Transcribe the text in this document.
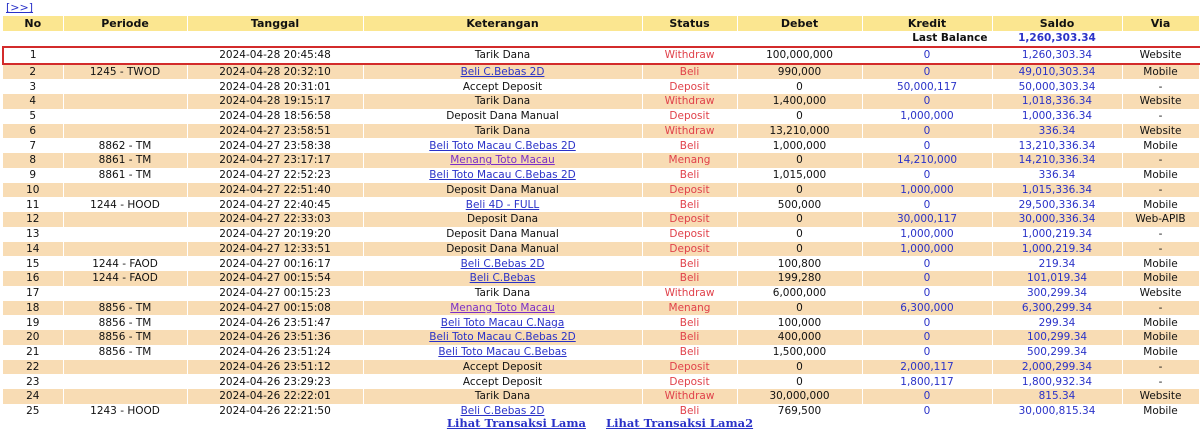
[>>]
No	Periode	Tanggal	Keterangan	Status	Debet	Kredit	Saldo	Via
Last Balance							1,260,303.34	
1		2024-04-28 20:45:48	Tarik Dana	Withdraw	100,000,000	0	1,260,303.34	Website
2	1245 - TWOD	2024-04-28 20:32:10	Beli C.Bebas 2D	Beli	990,000	0	49,010,303.34	Mobile
3		2024-04-28 20:31:01	Accept Deposit	Deposit	0	50,000,117	50,000,303.34	-
4		2024-04-28 19:15:17	Tarik Dana	Withdraw	1,400,000	0	1,018,336.34	Website
5		2024-04-28 18:56:58	Deposit Dana Manual	Deposit	0	1,000,000	1,000,336.34	-
6		2024-04-27 23:58:51	Tarik Dana	Withdraw	13,210,000	0	336.34	Website
7	8862 - TM	2024-04-27 23:58:38	Beli Toto Macau C.Bebas 2D	Beli	1,000,000	0	13,210,336.34	Mobile
8	8861 - TM	2024-04-27 23:17:17	Menang Toto Macau	Menang	0	14,210,000	14,210,336.34	-
9	8861 - TM	2024-04-27 22:52:23	Beli Toto Macau C.Bebas 2D	Beli	1,015,000	0	336.34	Mobile
10		2024-04-27 22:51:40	Deposit Dana Manual	Deposit	0	1,000,000	1,015,336.34	-
11	1244 - HOOD	2024-04-27 22:40:45	Beli 4D - FULL	Beli	500,000	0	29,500,336.34	Mobile
12		2024-04-27 22:33:03	Deposit Dana	Deposit	0	30,000,117	30,000,336.34	Web-APIB
13		2024-04-27 20:19:20	Deposit Dana Manual	Deposit	0	1,000,000	1,000,219.34	-
14		2024-04-27 12:33:51	Deposit Dana Manual	Deposit	0	1,000,000	1,000,219.34	-
15	1244 - FAOD	2024-04-27 00:16:17	Beli C.Bebas 2D	Beli	100,800	0	219.34	Mobile
16	1244 - FAOD	2024-04-27 00:15:54	Beli C.Bebas	Beli	199,280	0	101,019.34	Mobile
17		2024-04-27 00:15:23	Tarik Dana	Withdraw	6,000,000	0	300,299.34	Website
18	8856 - TM	2024-04-27 00:15:08	Menang Toto Macau	Menang	0	6,300,000	6,300,299.34	-
19	8856 - TM	2024-04-26 23:51:47	Beli Toto Macau C.Naga	Beli	100,000	0	299.34	Mobile
20	8856 - TM	2024-04-26 23:51:36	Beli Toto Macau C.Bebas 2D	Beli	400,000	0	100,299.34	Mobile
21	8856 - TM	2024-04-26 23:51:24	Beli Toto Macau C.Bebas	Beli	1,500,000	0	500,299.34	Mobile
22		2024-04-26 23:51:12	Accept Deposit	Deposit	0	2,000,117	2,000,299.34	-
23		2024-04-26 23:29:23	Accept Deposit	Deposit	0	1,800,117	1,800,932.34	-
24		2024-04-26 22:22:01	Tarik Dana	Withdraw	30,000,000	0	815.34	Website
25	1243 - HOOD	2024-04-26 22:21:50	Beli C.Bebas 2D	Beli	769,500	0	30,000,815.34	Mobile
Lihat Transaksi Lama Lihat Transaksi Lama2
